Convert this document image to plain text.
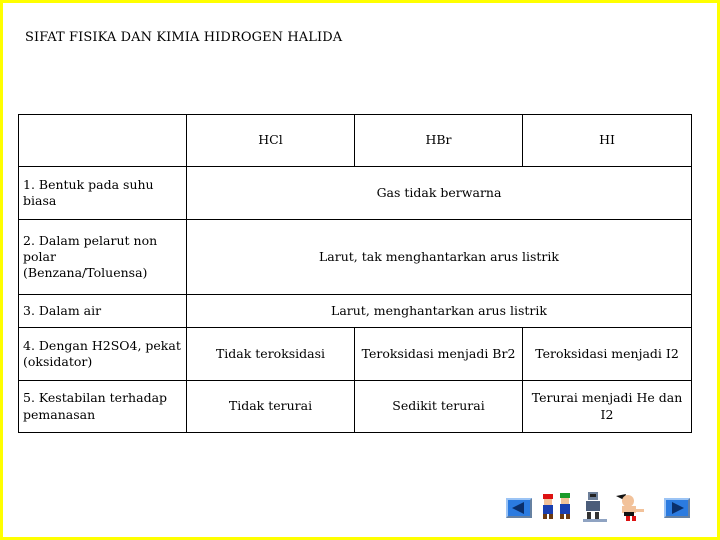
SIFAT FISIKA DAN KIMIA HIDROGEN HALIDA
	HCl	HBr	HI
1. Bentuk pada suhu biasa	Gas tidak berwarna		
2. Dalam pelarut non polar (Benzana/Toluensa)	Larut, tak menghantarkan arus listrik		
3. Dalam air	Larut, menghantarkan arus listrik		
4. Dengan H2SO4, pekat (oksidator)	Tidak teroksidasi	Teroksidasi menjadi Br2	Teroksidasi menjadi I2
5. Kestabilan terhadap pemanasan	Tidak terurai	Sedikit terurai	Terurai menjadi He dan I2
